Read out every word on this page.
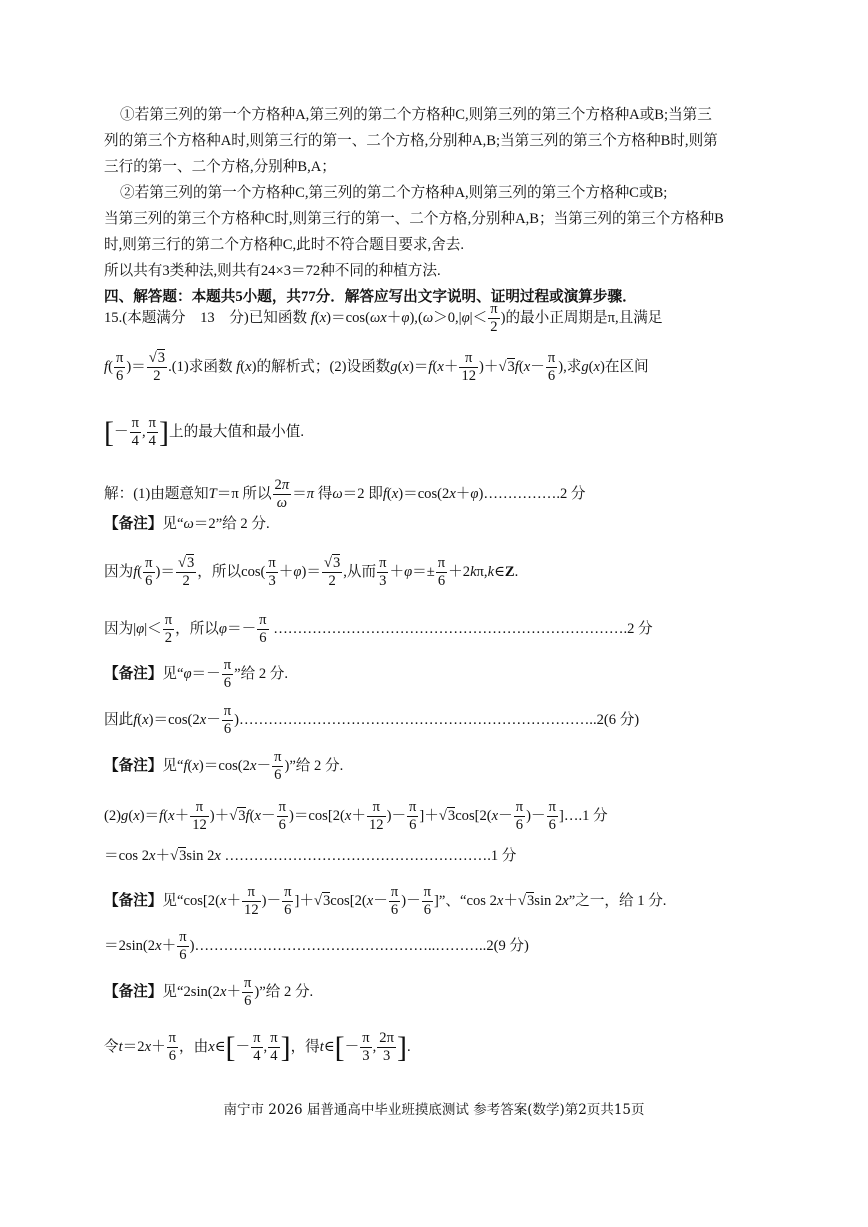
①若第三列的第一个方格种A,第三列的第二个方格种C,则第三列的第三个方格种A或B;当第三
列的第三个方格种A时,则第三行的第一、二个方格,分别种A,B;当第三列的第三个方格种B时,则第
三行的第一、二个方格,分别种B,A；
②若第三列的第一个方格种C,第三列的第二个方格种A,则第三列的第三个方格种C或B;
当第三列的第三个方格种C时,则第三行的第一、二个方格,分别种A,B；当第三列的第三个方格种B
时,则第三行的第二个方格种C,此时不符合题目要求,舍去.
所以共有3类种法,则共有24×3＝72种不同的种植方法.
四、解答题：本题共5小题，共77分．解答应写出文字说明、证明过程或演算步骤．
15.(本题满分　13　分)已知函数 $f(x)=\cos(\omega x+\varphi),(\omega>0,|\varphi|< \frac{\pi}{2}$ )的最小正周期是π,且满足
$f( \frac{\pi}{6}$ )＝ $\frac{√3}{2} .(1)$求函数 f(x)的解析式；(2)设函数$g(x)=f(x+ \frac{\pi}{12} )+√3f(x- \frac{\pi}{6}$ ),求g(x)在区间
[－ $\frac{\pi}{4}$ , $\frac{\pi}{4}$ ]上的最大值和最小值.
解：(1)由题意知T＝π 所以 $\frac{2\pi}{\omega} =\pi$ 得ω＝2 即f(x)＝cos(2x＋φ)…………….2 分
【备注】见“ω＝2”给 2 分.
因为$f( \frac{\pi}{6}$ )＝ $\frac{√3}{2}$ ，所以$\cos( \frac{\pi}{3} +\varphi)= \frac{√3}{2}$ ,从而 $\frac{\pi}{3} +\varphi=\pm \frac{\pi}{6}$ ＋2kπ,k∈Z.
因为$|\varphi|< \frac{\pi}{2}$ ，所以$\varphi=- \frac{\pi}{6}$ ……………………………………………………………….2 分
【备注】见“$\varphi=- \frac{\pi}{6}$ ”给 2 分.
因此$f(x)=\cos(2x- \frac{\pi}{6}$ )………………………………………………………………..2(6 分)
【备注】见“$f(x)=\cos(2x- \frac{\pi}{6}$ )”给 2 分.
$(2)g(x)=f(x+ \frac{\pi}{12} )+√3f(x- \frac{\pi}{6} )=\cos[2(x+ \frac{\pi}{12}$ )－ $\frac{\pi}{6} ]+√3\cos[2(x- \frac{\pi}{6}$ )－ $\frac{\pi}{6}$ ]….1 分
＝cos 2x＋√3sin 2x ……………………………………………….1 分
【备注】见“$\cos[2(x+ \frac{\pi}{12}$ )－ $\frac{\pi}{6} ]+√3\cos[2(x- \frac{\pi}{6}$ )－ $\frac{\pi}{6}$ ]”、“cos 2x＋√3sin 2x”之一，给 1 分.
$=2\sin(2x+ \frac{\pi}{6}$ )…………………………………………..………..2(9 分)
【备注】见“$2\sin(2x+ \frac{\pi}{6}$ )”给 2 分.
令$t=2x+ \frac{\pi}{6}$ ，由x∈[－ $\frac{\pi}{4}$ , $\frac{\pi}{4}$ ]，得t∈[－ $\frac{\pi}{3}$ , $\frac{2\pi}{3}$ ].
南宁市 2026 届普通高中毕业班摸底测试 参考答案(数学)第2页共15页
